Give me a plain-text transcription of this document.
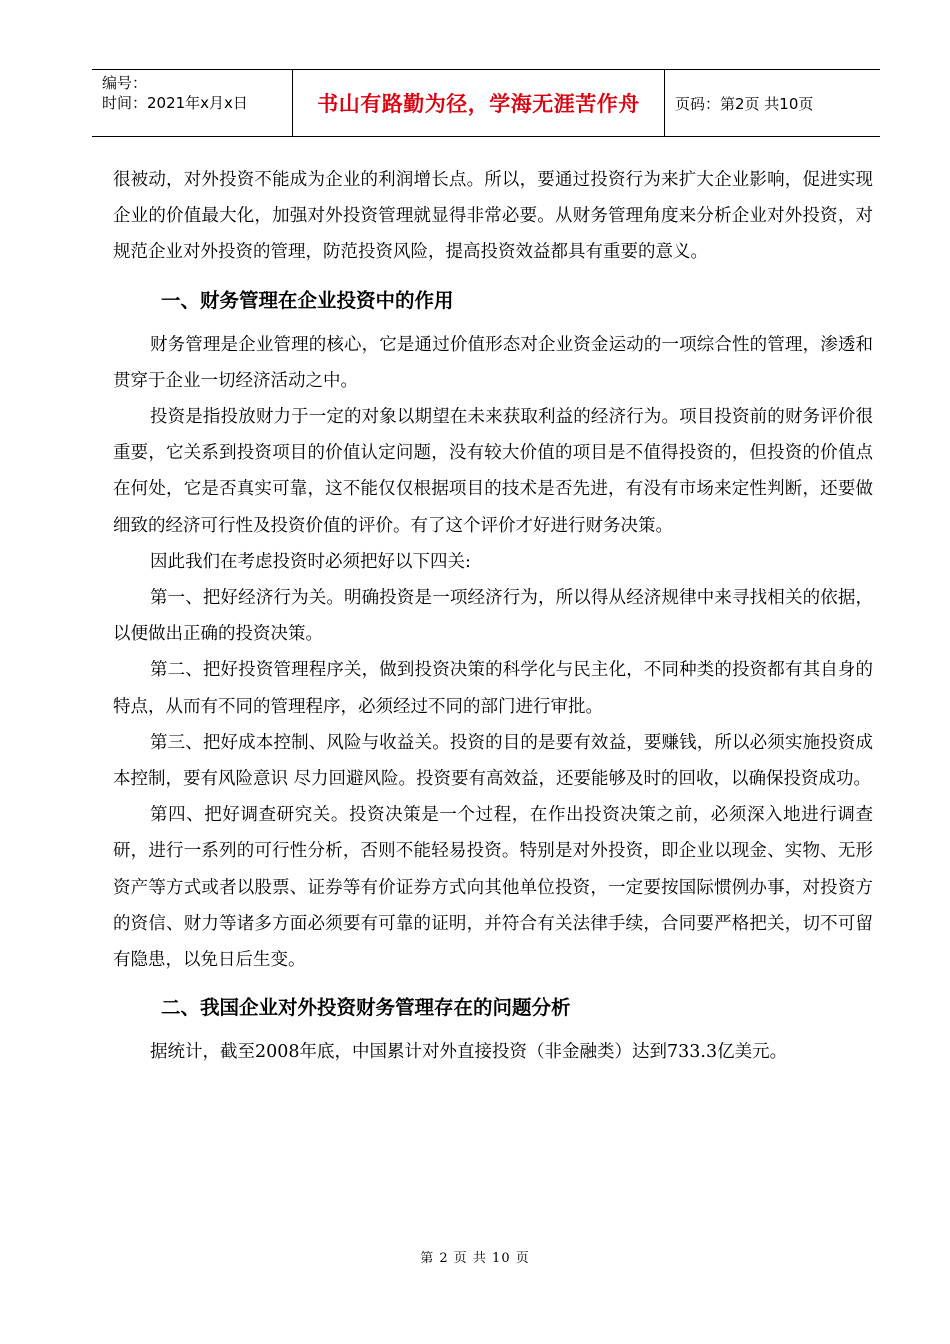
编号：
时间：2021年x月x日	书山有路勤为径，学海无涯苦作舟 页码：第2页 共10页

很被动，对外投资不能成为企业的利润增长点。所以，要通过投资行为来扩大企业影响，促进实现企业的价值最大化，加强对外投资管理就显得非常必要。从财务管理角度来分析企业对外投资，对规范企业对外投资的管理，防范投资风险，提高投资效益都具有重要的意义。

一、财务管理在企业投资中的作用

财务管理是企业管理的核心，它是通过价值形态对企业资金运动的一项综合性的管理，渗透和贯穿于企业一切经济活动之中。

投资是指投放财力于一定的对象以期望在未来获取利益的经济行为。项目投资前的财务评价很重要，它关系到投资项目的价值认定问题，没有较大价值的项目是不值得投资的，但投资的价值点在何处，它是否真实可靠，这不能仅仅根据项目的技术是否先进，有没有市场来定性判断，还要做细致的经济可行性及投资价值的评价。有了这个评价才好进行财务决策。

因此我们在考虑投资时必须把好以下四关:

第一、把好经济行为关。明确投资是一项经济行为，所以得从经济规律中来寻找相关的依据，以便做出正确的投资决策。

第二、把好投资管理程序关，做到投资决策的科学化与民主化，不同种类的投资都有其自身的特点，从而有不同的管理程序，必须经过不同的部门进行审批。

第三、把好成本控制、风险与收益关。投资的目的是要有效益，要赚钱，所以必须实施投资成本控制，要有风险意识 尽力回避风险。投资要有高效益，还要能够及时的回收，以确保投资成功。

第四、把好调查研究关。投资决策是一个过程，在作出投资决策之前，必须深入地进行调查研，进行一系列的可行性分析，否则不能轻易投资。特别是对外投资，即企业以现金、实物、无形资产等方式或者以股票、证券等有价证券方式向其他单位投资，一定要按国际惯例办事，对投资方的资信、财力等诸多方面必须要有可靠的证明，并符合有关法律手续，合同要严格把关，切不可留有隐患，以免日后生变。

二、我国企业对外投资财务管理存在的问题分析

据统计，截至2008年底，中国累计对外直接投资（非金融类）达到733.3亿美元。

第 2 页 共 10 页
